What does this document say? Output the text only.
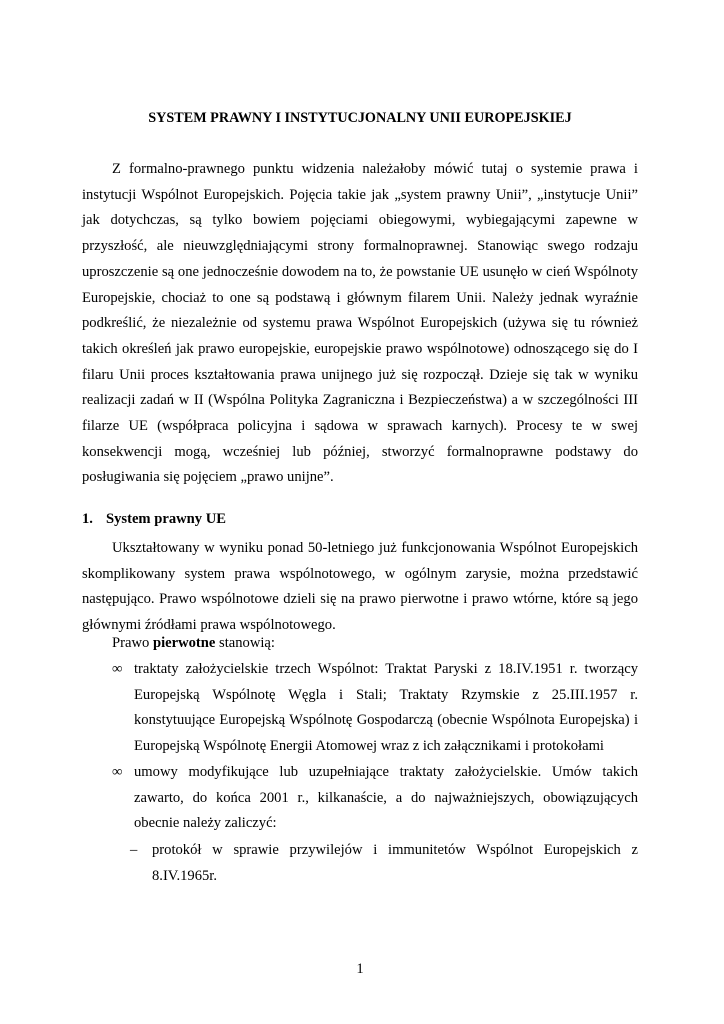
SYSTEM PRAWNY I INSTYTUCJONALNY UNII EUROPEJSKIEJ

Z formalno-prawnego punktu widzenia należałoby mówić tutaj o systemie prawa i instytucji Wspólnot Europejskich. Pojęcia takie jak „system prawny Unii”, „instytucje Unii” jak dotychczas, są tylko bowiem pojęciami obiegowymi, wybiegającymi zapewne w przyszłość, ale nieuwzględniającymi strony formalnoprawnej. Stanowiąc swego rodzaju uproszczenie są one jednocześnie dowodem na to, że powstanie UE usunęło w cień Wspólnoty Europejskie, chociaż to one są podstawą i głównym filarem Unii. Należy jednak wyraźnie podkreślić, że niezależnie od systemu prawa Wspólnot Europejskich (używa się tu również takich określeń jak prawo europejskie, europejskie prawo wspólnotowe) odnoszącego się do I filaru Unii proces kształtowania prawa unijnego już się rozpoczął. Dzieje się tak w wyniku realizacji zadań w II (Wspólna Polityka Zagraniczna i Bezpieczeństwa) a w szczególności III filarze UE (współpraca policyjna i sądowa w sprawach karnych). Procesy te w swej konsekwencji mogą, wcześniej lub później, stworzyć formalnoprawne podstawy do posługiwania się pojęciem „prawo unijne”.

1. System prawny UE

Ukształtowany w wyniku ponad 50-letniego już funkcjonowania Wspólnot Europejskich skomplikowany system prawa wspólnotowego, w ogólnym zarysie, można przedstawić następująco. Prawo wspólnotowe dzieli się na prawo pierwotne i prawo wtórne, które są jego głównymi źródłami prawa wspólnotowego.

Prawo pierwotne stanowią:
∞ traktaty założycielskie trzech Wspólnot: Traktat Paryski z 18.IV.1951 r. tworzący Europejską Wspólnotę Węgla i Stali; Traktaty Rzymskie z 25.III.1957 r. konstytuujące Europejską Wspólnotę Gospodarczą (obecnie Wspólnota Europejska) i Europejską Wspólnotę Energii Atomowej wraz z ich załącznikami i protokołami
∞ umowy modyfikujące lub uzupełniające traktaty założycielskie. Umów takich zawarto, do końca 2001 r., kilkanaście, a do najważniejszych, obowiązujących obecnie należy zaliczyć:
– protokół w sprawie przywilejów i immunitetów Wspólnot Europejskich z 8.IV.1965r.
1
